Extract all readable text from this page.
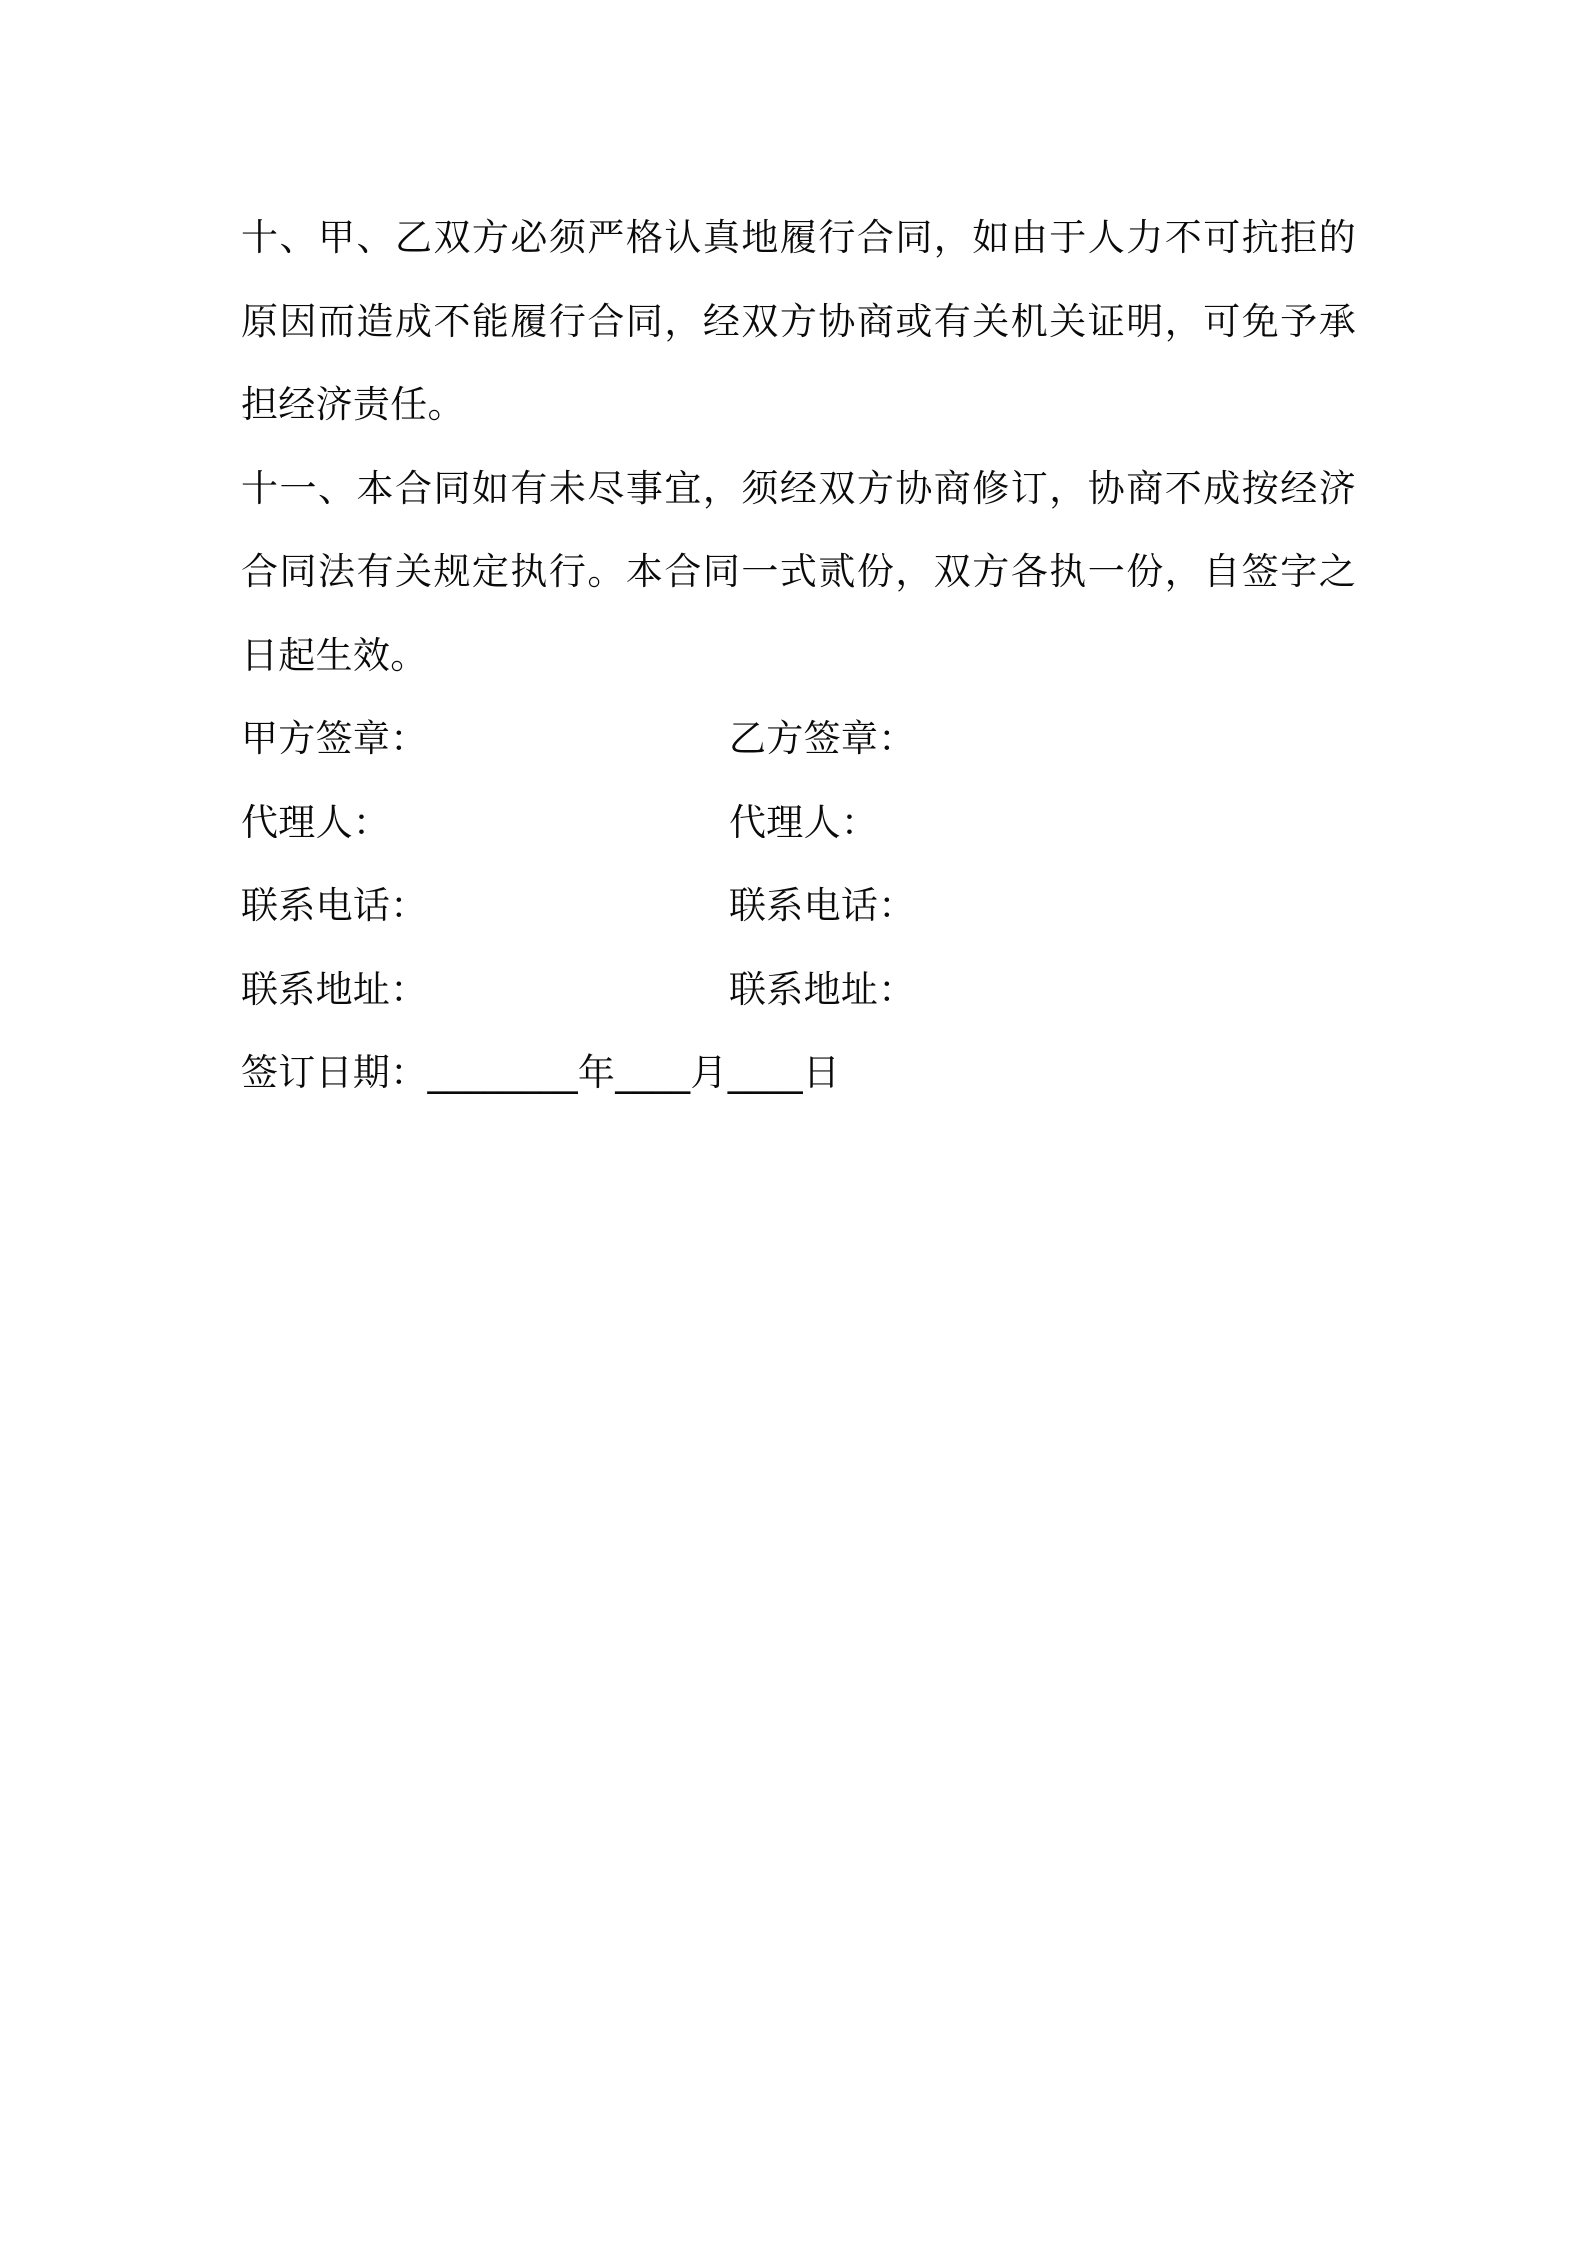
十、甲、乙双方必须严格认真地履行合同，如由于人力不可抗拒的原因而造成不能履行合同，经双方协商或有关机关证明，可免予承担经济责任。

十一、本合同如有未尽事宜，须经双方协商修订，协商不成按经济合同法有关规定执行。本合同一式贰份，双方各执一份，自签字之日起生效。

甲方签章：	乙方签章：
代理人：	代理人：
联系电话：	联系电话：
联系地址：	联系地址：
签订日期：________年____月____日
